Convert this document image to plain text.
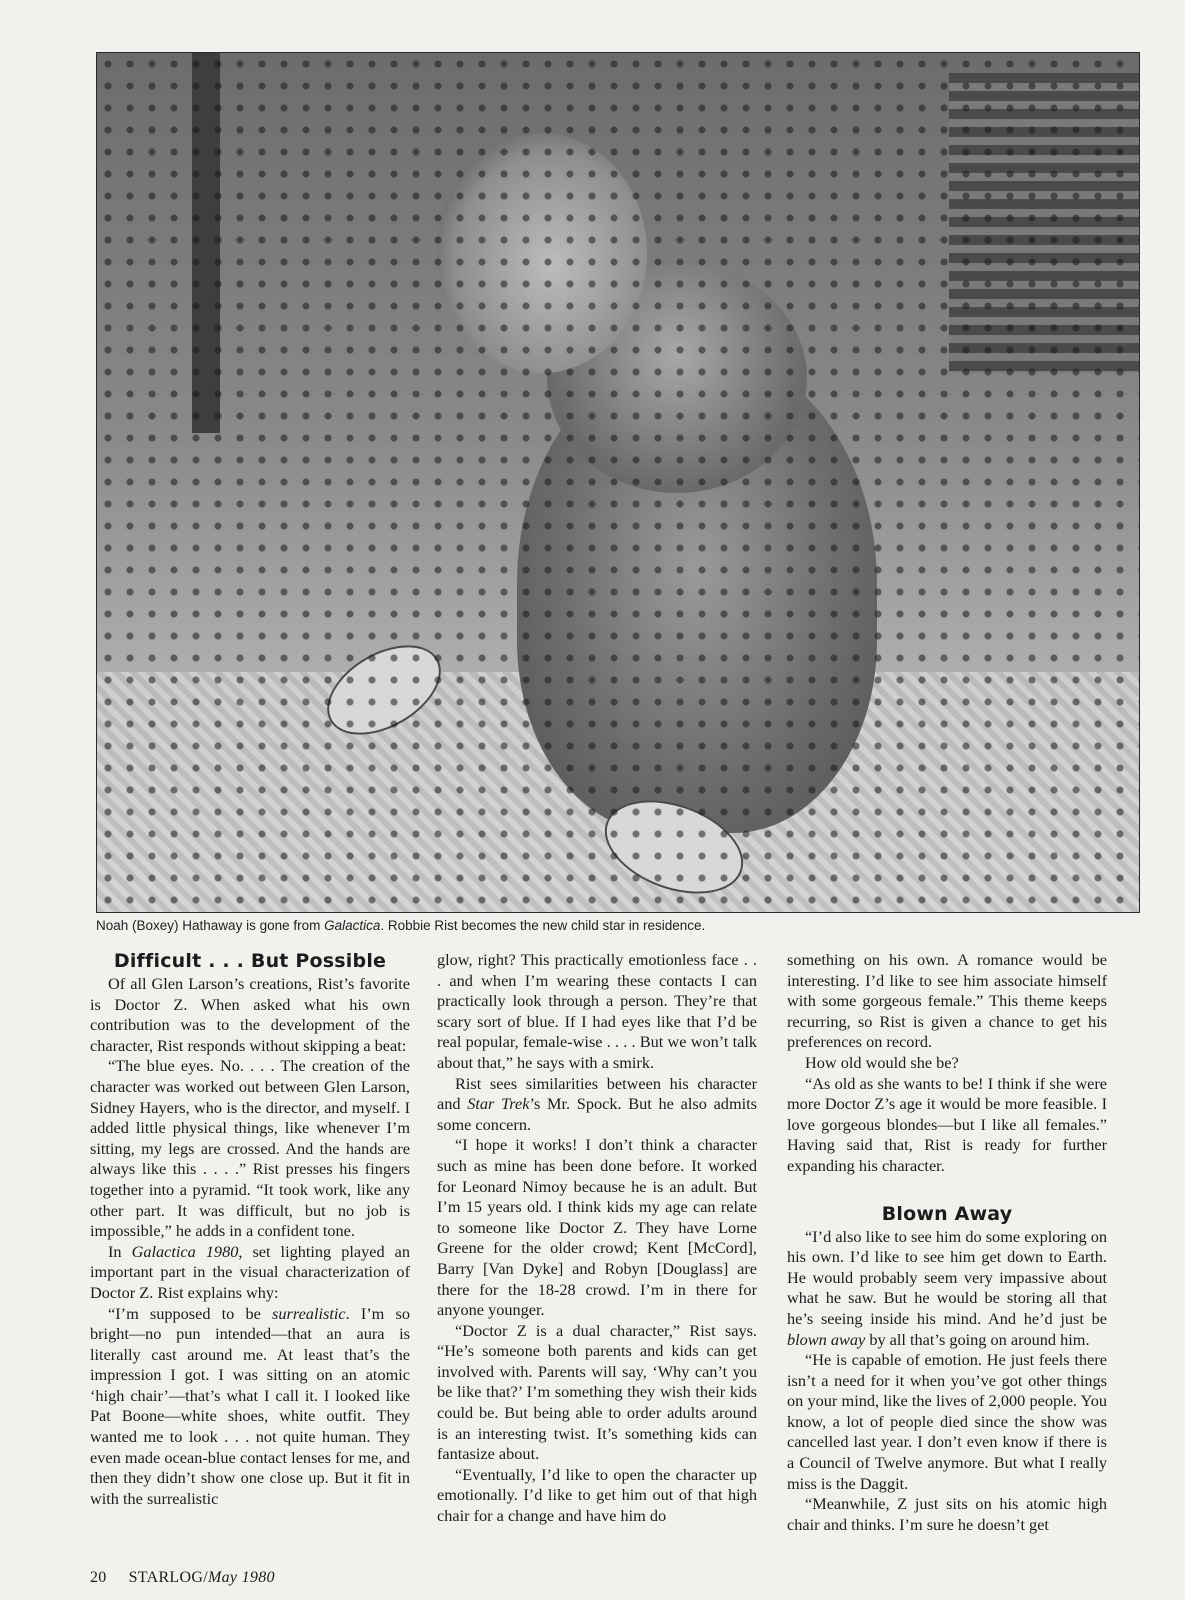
Noah (Boxey) Hathaway is gone from Galactica. Robbie Rist becomes the new child star in residence.
Difficult . . . But Possible

Of all Glen Larson’s creations, Rist’s favorite is Doctor Z. When asked what his own contribution was to the development of the character, Rist responds without skipping a beat:

“The blue eyes. No. . . . The creation of the character was worked out between Glen Larson, Sidney Hayers, who is the director, and myself. I added little physical things, like whenever I’m sitting, my legs are crossed. And the hands are always like this . . . .” Rist presses his fingers together into a pyramid. “It took work, like any other part. It was difficult, but no job is impossible,” he adds in a confident tone.

In Galactica 1980, set lighting played an important part in the visual characterization of Doctor Z. Rist explains why:

“I’m supposed to be surrealistic. I’m so bright—no pun intended—that an aura is literally cast around me. At least that’s the impression I got. I was sitting on an atomic ‘high chair’—that’s what I call it. I looked like Pat Boone—white shoes, white outfit. They wanted me to look . . . not quite human. They even made ocean-blue contact lenses for me, and then they didn’t show one close up. But it fit in with the surrealistic

glow, right? This practically emotionless face . . . and when I’m wearing these contacts I can practically look through a person. They’re that scary sort of blue. If I had eyes like that I’d be real popular, female-wise . . . . But we won’t talk about that,” he says with a smirk.

Rist sees similarities between his character and Star Trek’s Mr. Spock. But he also admits some concern.

“I hope it works! I don’t think a character such as mine has been done before. It worked for Leonard Nimoy because he is an adult. But I’m 15 years old. I think kids my age can relate to someone like Doctor Z. They have Lorne Greene for the older crowd; Kent [McCord], Barry [Van Dyke] and Robyn [Douglass] are there for the 18-28 crowd. I’m in there for anyone younger.

“Doctor Z is a dual character,” Rist says. “He’s someone both parents and kids can get involved with. Parents will say, ‘Why can’t you be like that?’ I’m something they wish their kids could be. But being able to order adults around is an interesting twist. It’s something kids can fantasize about.

“Eventually, I’d like to open the character up emotionally. I’d like to get him out of that high chair for a change and have him do

something on his own. A romance would be interesting. I’d like to see him associate himself with some gorgeous female.” This theme keeps recurring, so Rist is given a chance to get his preferences on record.

How old would she be?

“As old as she wants to be! I think if she were more Doctor Z’s age it would be more feasible. I love gorgeous blondes—but I like all females.” Having said that, Rist is ready for further expanding his character.

Blown Away

“I’d also like to see him do some exploring on his own. I’d like to see him get down to Earth. He would probably seem very impassive about what he saw. But he would be storing all that he’s seeing inside his mind. And he’d just be blown away by all that’s going on around him.

“He is capable of emotion. He just feels there isn’t a need for it when you’ve got other things on your mind, like the lives of 2,000 people. You know, a lot of people died since the show was cancelled last year. I don’t even know if there is a Council of Twelve anymore. But what I really miss is the Daggit.

“Meanwhile, Z just sits on his atomic high chair and thinks. I’m sure he doesn’t get

20 STARLOG/May 1980
